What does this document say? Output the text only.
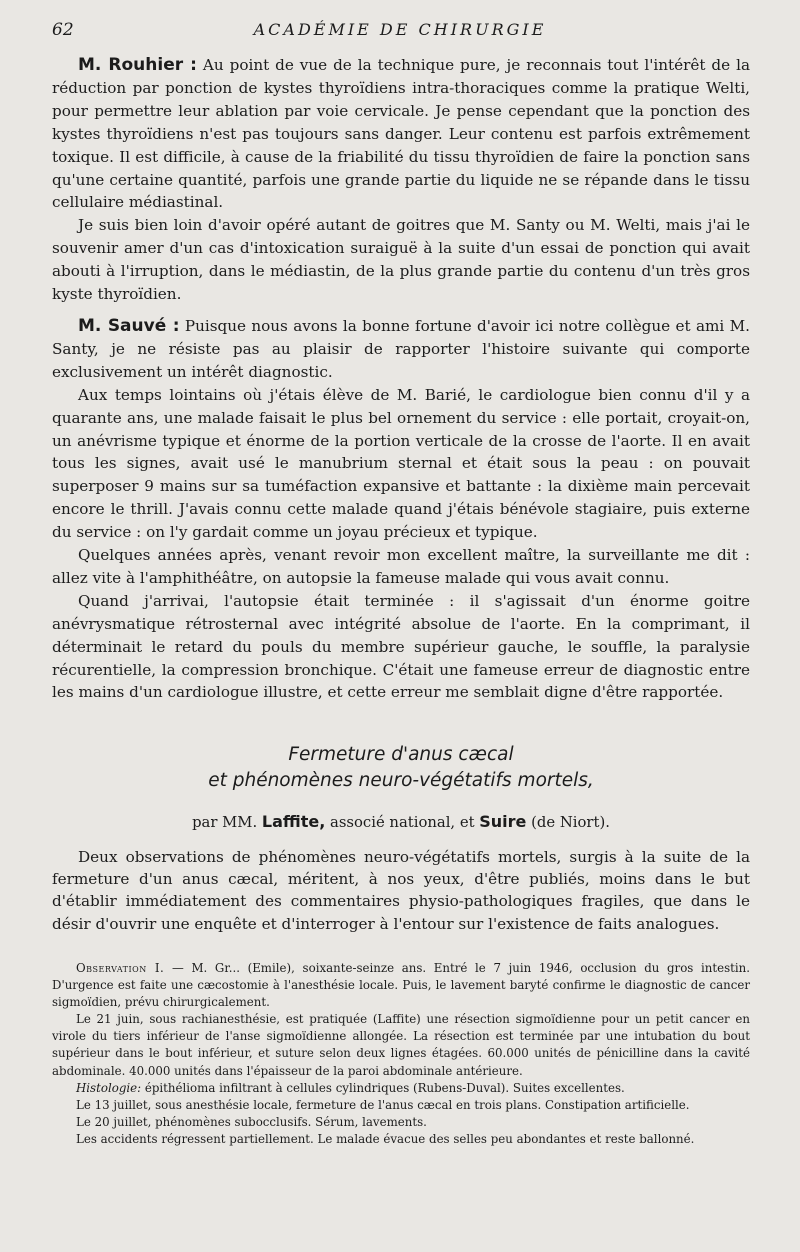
62	ACADÉMIE DE CHIRURGIE

M. Rouhier : Au point de vue de la technique pure, je reconnais tout l'intérêt de la réduction par ponction de kystes thyroïdiens intra-thoraciques comme la pratique Welti, pour permettre leur ablation par voie cervicale. Je pense cependant que la ponction des kystes thyroïdiens n'est pas toujours sans danger. Leur contenu est parfois extrêmement toxique. Il est difficile, à cause de la friabilité du tissu thyroïdien de faire la ponction sans qu'une certaine quantité, parfois une grande partie du liquide ne se répande dans le tissu cellulaire médiastinal.

Je suis bien loin d'avoir opéré autant de goitres que M. Santy ou M. Welti, mais j'ai le souvenir amer d'un cas d'intoxication suraiguë à la suite d'un essai de ponction qui avait abouti à l'irruption, dans le médiastin, de la plus grande partie du contenu d'un très gros kyste thyroïdien.

M. Sauvé : Puisque nous avons la bonne fortune d'avoir ici notre collègue et ami M. Santy, je ne résiste pas au plaisir de rapporter l'histoire suivante qui comporte exclusivement un intérêt diagnostic.

Aux temps lointains où j'étais élève de M. Barié, le cardiologue bien connu d'il y a quarante ans, une malade faisait le plus bel ornement du service : elle portait, croyait-on, un anévrisme typique et énorme de la portion verticale de la crosse de l'aorte. Il en avait tous les signes, avait usé le manubrium sternal et était sous la peau : on pouvait superposer 9 mains sur sa tuméfaction expansive et battante : la dixième main percevait encore le thrill. J'avais connu cette malade quand j'étais bénévole stagiaire, puis externe du service : on l'y gardait comme un joyau précieux et typique.

Quelques années après, venant revoir mon excellent maître, la surveillante me dit : allez vite à l'amphithéâtre, on autopsie la fameuse malade qui vous avait connu.

Quand j'arrivai, l'autopsie était terminée : il s'agissait d'un énorme goitre anévrysmatique rétrosternal avec intégrité absolue de l'aorte. En la comprimant, il déterminait le retard du pouls du membre supérieur gauche, le souffle, la paralysie récurentielle, la compression bronchique. C'était une fameuse erreur de diagnostic entre les mains d'un cardiologue illustre, et cette erreur me semblait digne d'être rapportée.

Fermeture d'anus cæcal
et phénomènes neuro-végétatifs mortels,
par MM. Laffite, associé national, et Suire (de Niort).

Deux observations de phénomènes neuro-végétatifs mortels, surgis à la suite de la fermeture d'un anus cæcal, méritent, à nos yeux, d'être publiés, moins dans le but d'établir immédiatement des commentaires physio-pathologiques fragiles, que dans le désir d'ouvrir une enquête et d'interroger à l'entour sur l'existence de faits analogues.

Observation I. — M. Gr... (Emile), soixante-seinze ans. Entré le 7 juin 1946, occlusion du gros intestin. D'urgence est faite une cæcostomie à l'anesthésie locale. Puis, le lavement baryté confirme le diagnostic de cancer sigmoïdien, prévu chirurgicalement.

Le 21 juin, sous rachianesthésie, est pratiquée (Laffite) une résection sigmoïdienne pour un petit cancer en virole du tiers inférieur de l'anse sigmoïdienne allongée. La résection est terminée par une intubation du bout supérieur dans le bout inférieur, et suture selon deux lignes étagées. 60.000 unités de pénicilline dans la cavité abdominale. 40.000 unités dans l'épaisseur de la paroi abdominale antérieure.

Histologie: épithélioma infiltrant à cellules cylindriques (Rubens-Duval). Suites excellentes.

Le 13 juillet, sous anesthésie locale, fermeture de l'anus cæcal en trois plans. Constipation artificielle.

Le 20 juillet, phénomènes subocclusifs. Sérum, lavements.

Les accidents régressent partiellement. Le malade évacue des selles peu abondantes et reste ballonné.
